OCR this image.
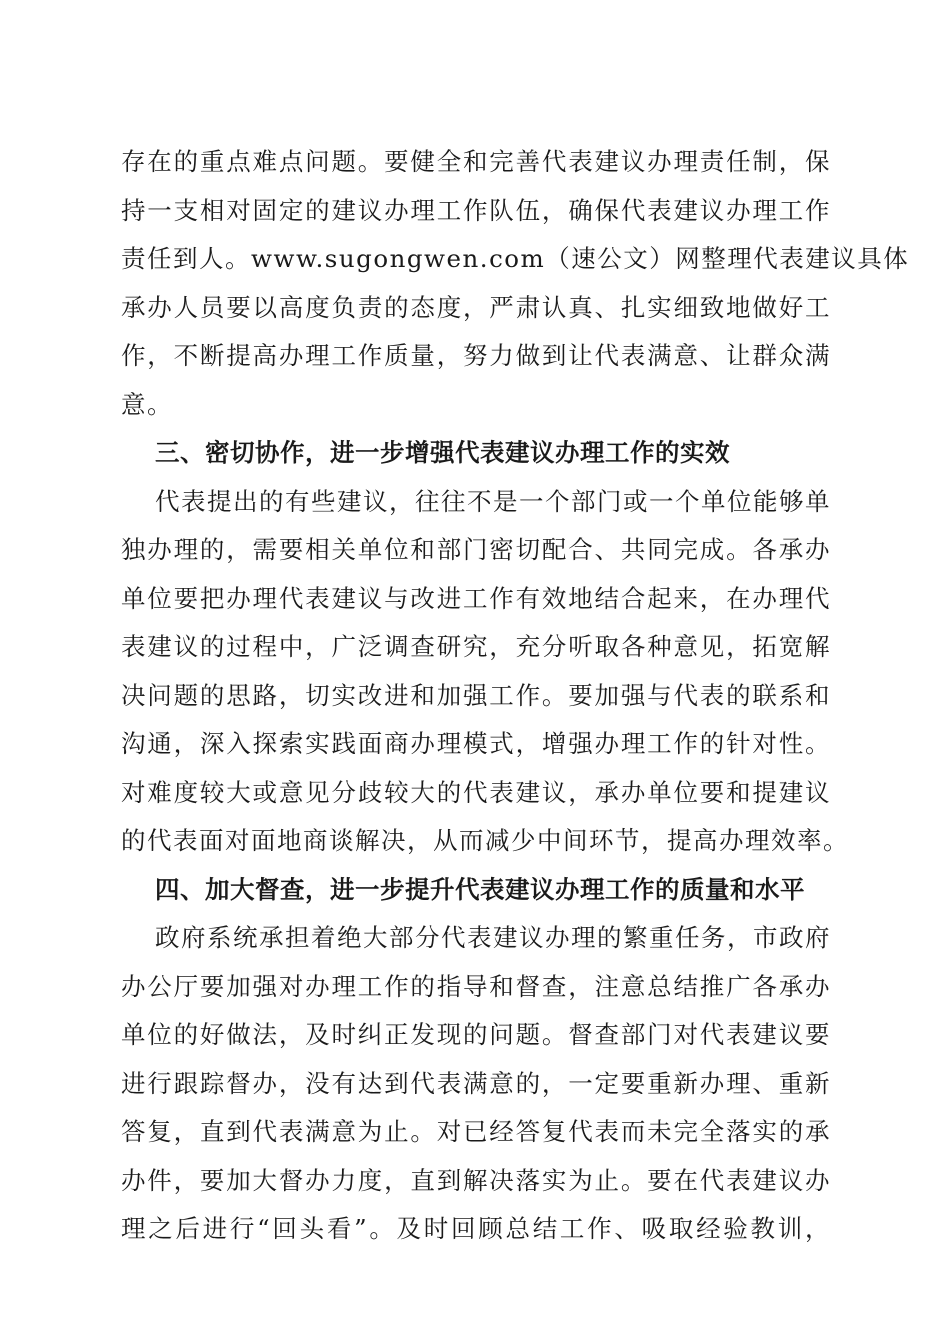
存在的重点难点问题。要健全和完善代表建议办理责任制，保
持一支相对固定的建议办理工作队伍，确保代表建议办理工作
责任到人。www.sugongwen.com（速公文）网整理代表建议具体
承办人员要以高度负责的态度，严肃认真、扎实细致地做好工
作，不断提高办理工作质量，努力做到让代表满意、让群众满
意。
三、密切协作，进一步增强代表建议办理工作的实效
代表提出的有些建议，往往不是一个部门或一个单位能够单
独办理的，需要相关单位和部门密切配合、共同完成。各承办
单位要把办理代表建议与改进工作有效地结合起来，在办理代
表建议的过程中，广泛调查研究，充分听取各种意见，拓宽解
决问题的思路，切实改进和加强工作。要加强与代表的联系和
沟通，深入探索实践面商办理模式，增强办理工作的针对性。
对难度较大或意见分歧较大的代表建议，承办单位要和提建议
的代表面对面地商谈解决，从而减少中间环节，提高办理效率。
四、加大督查，进一步提升代表建议办理工作的质量和水平
政府系统承担着绝大部分代表建议办理的繁重任务，市政府
办公厅要加强对办理工作的指导和督查，注意总结推广各承办
单位的好做法，及时纠正发现的问题。督查部门对代表建议要
进行跟踪督办，没有达到代表满意的，一定要重新办理、重新
答复，直到代表满意为止。对已经答复代表而未完全落实的承
办件，要加大督办力度，直到解决落实为止。要在代表建议办
理之后进行“回头看”。及时回顾总结工作、吸取经验教训，
